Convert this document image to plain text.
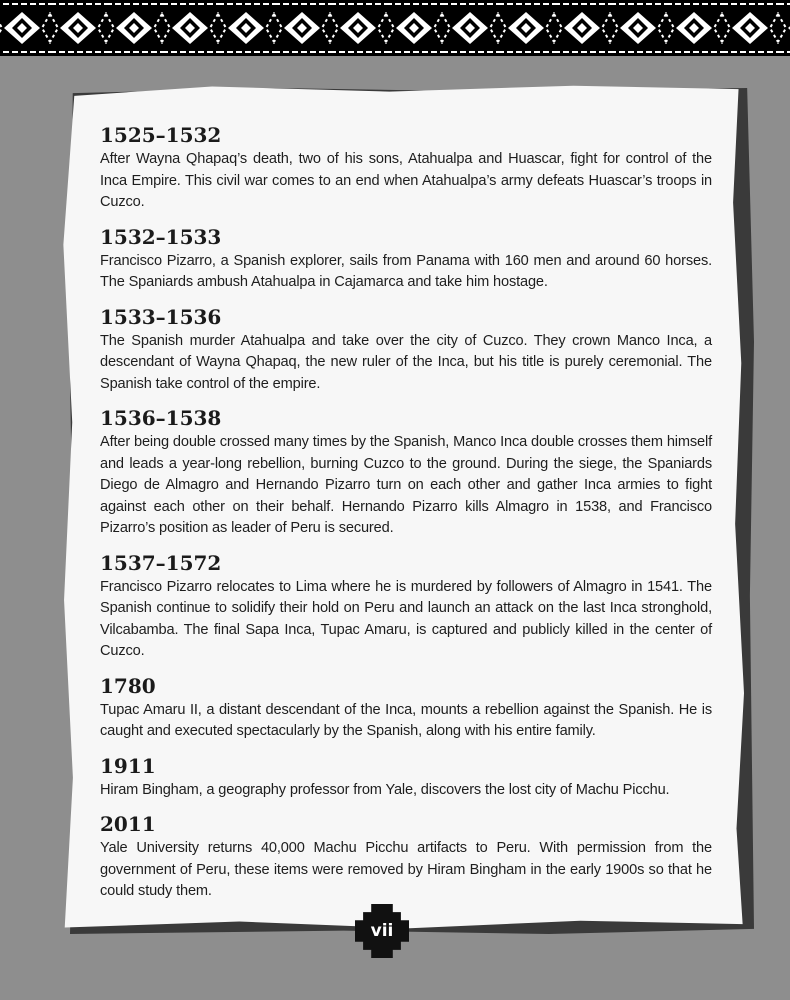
1525–1532

After Wayna Qhapaq’s death, two of his sons, Atahualpa and Huascar, fight for control of the Inca Empire. This civil war comes to an end when Atahualpa’s army defeats Huascar’s troops in Cuzco.

1532–1533

Francisco Pizarro, a Spanish explorer, sails from Panama with 160 men and around 60 horses. The Spaniards ambush Atahualpa in Cajamarca and take him hostage.

1533–1536

The Spanish murder Atahualpa and take over the city of Cuzco. They crown Manco Inca, a descendant of Wayna Qhapaq, the new ruler of the Inca, but his title is purely ceremonial. The Spanish take control of the empire.

1536–1538

After being double crossed many times by the Spanish, Manco Inca double crosses them himself and leads a year-long rebellion, burning Cuzco to the ground. During the siege, the Spaniards Diego de Almagro and Hernando Pizarro turn on each other and gather Inca armies to fight against each other on their behalf. Hernando Pizarro kills Almagro in 1538, and Francisco Pizarro’s position as leader of Peru is secured.

1537–1572

Francisco Pizarro relocates to Lima where he is murdered by followers of Almagro in 1541. The Spanish continue to solidify their hold on Peru and launch an attack on the last Inca stronghold, Vilcabamba. The final Sapa Inca, Tupac Amaru, is captured and publicly killed in the center of Cuzco.

1780

Tupac Amaru II, a distant descendant of the Inca, mounts a rebellion against the Spanish. He is caught and executed spectacularly by the Spanish, along with his entire family.

1911

Hiram Bingham, a geography professor from Yale, discovers the lost city of Machu Picchu.

2011

Yale University returns 40,000 Machu Picchu artifacts to Peru. With permission from the government of Peru, these items were removed by Hiram Bingham in the early 1900s so that he could study them.

vii
